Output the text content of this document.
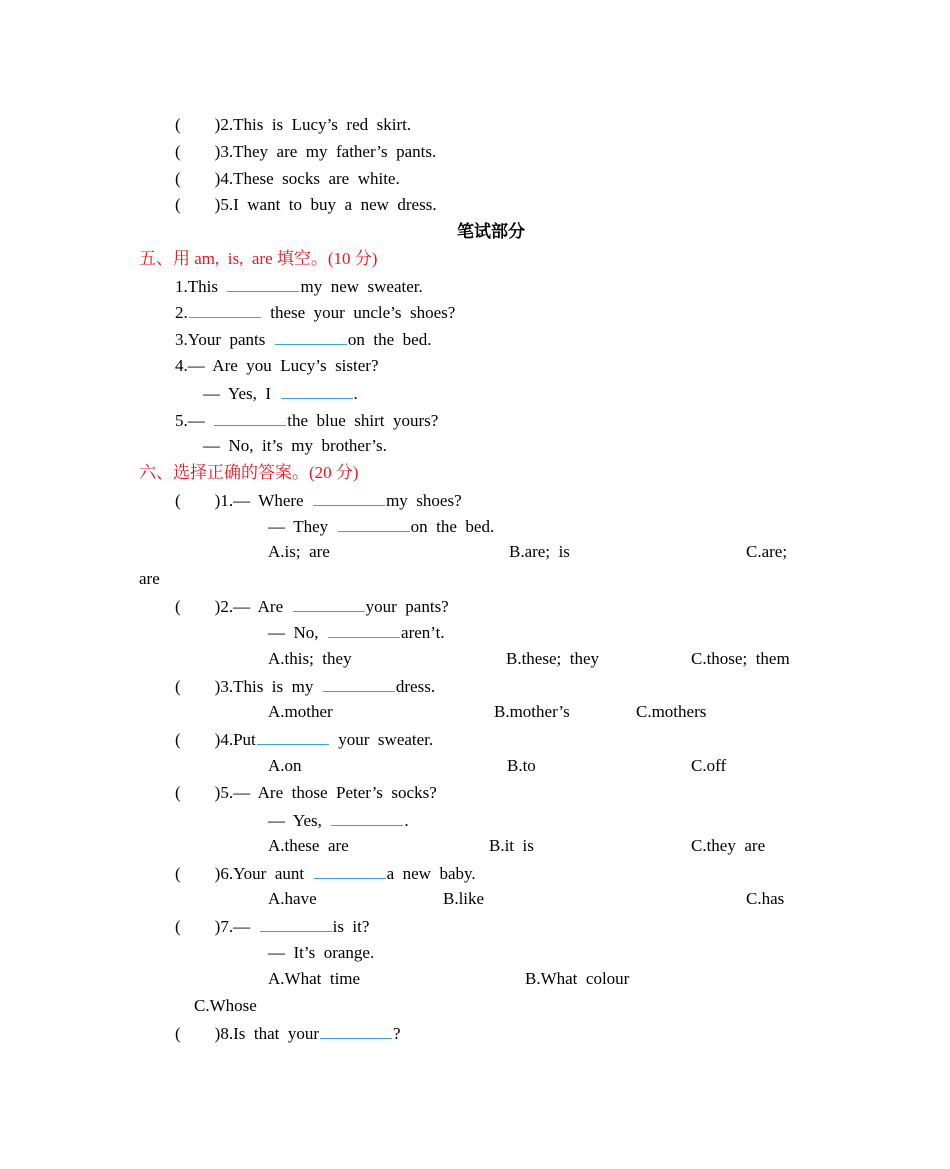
(        )2.This  is  Lucy’s  red  skirt.
(        )3.They  are  my  father’s  pants.
(        )4.These  socks  are  white.
(        )5.I  want  to  buy  a  new  dress.
笔试部分
五、用 am,  is,  are 填空。(10 分)
1.This	my  new  sweater.
2.	these  your  uncle’s  shoes?
3.Your  pants	on  the  bed.
4.—  Are  you  Lucy’s  sister?
—  Yes,  I	.
5.—	the  blue  shirt  yours?
—  No,  it’s  my  brother’s.
六、选择正确的答案。(20 分)
( )1.—  Where	my  shoes?
—  They	on  the  bed.
A.is;  are	B.are;  is	C.are;
are
( )2.—  Are	your  pants?
—  No,	aren’t.
A.this;  they	B.these;  they	C.those;  them
( )3.This  is  my	dress.
A.mother	B.mother’s	C.mothers
( )4.Put	your  sweater.
A.on	B.to	C.off
( )5.—  Are  those  Peter’s  socks?
—  Yes,	.
A.these  are	B.it  is	C.they  are
( )6.Your  aunt	a  new  baby.
A.have	B.like	C.has
( )7.—	is  it?
—  It’s  orange.
A.What  time	B.What  colour
C.Whose
( )8.Is  that  your	?
